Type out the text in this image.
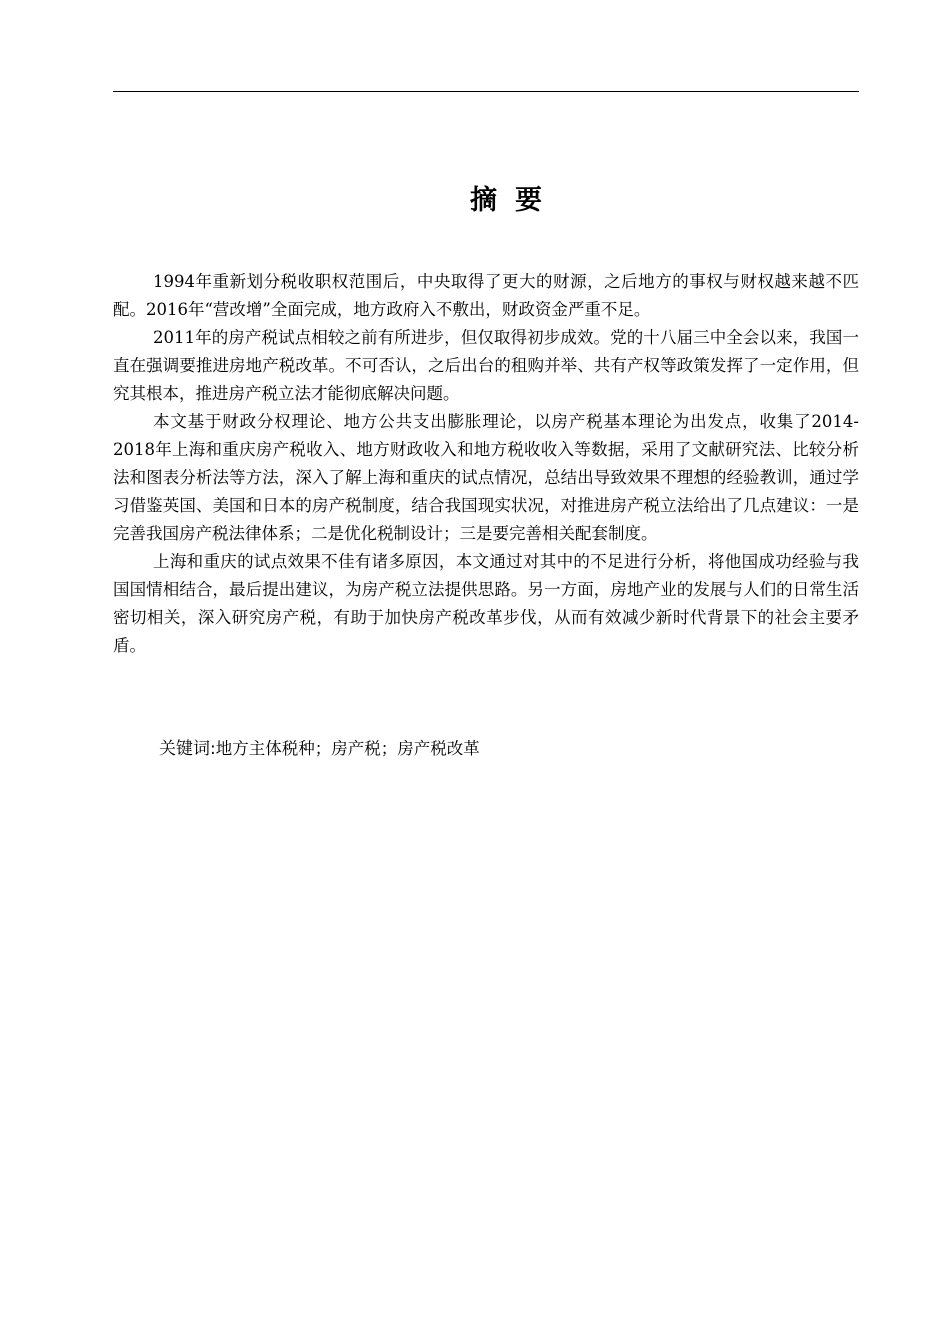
摘要

1994年重新划分税收职权范围后，中央取得了更大的财源，之后地方的事权与财权越来越不匹配。2016年“营改增”全面完成，地方政府入不敷出，财政资金严重不足。

2011年的房产税试点相较之前有所进步，但仅取得初步成效。党的十八届三中全会以来，我国一直在强调要推进房地产税改革。不可否认，之后出台的租购并举、共有产权等政策发挥了一定作用，但究其根本，推进房产税立法才能彻底解决问题。

本文基于财政分权理论、地方公共支出膨胀理论，以房产税基本理论为出发点，收集了2014-2018年上海和重庆房产税收入、地方财政收入和地方税收收入等数据，采用了文献研究法、比较分析法和图表分析法等方法，深入了解上海和重庆的试点情况，总结出导致效果不理想的经验教训，通过学习借鉴英国、美国和日本的房产税制度，结合我国现实状况，对推进房产税立法给出了几点建议：一是完善我国房产税法律体系；二是优化税制设计；三是要完善相关配套制度。

上海和重庆的试点效果不佳有诸多原因，本文通过对其中的不足进行分析，将他国成功经验与我国国情相结合，最后提出建议，为房产税立法提供思路。另一方面，房地产业的发展与人们的日常生活密切相关，深入研究房产税，有助于加快房产税改革步伐，从而有效减少新时代背景下的社会主要矛盾。

关键词:地方主体税种；房产税；房产税改革
